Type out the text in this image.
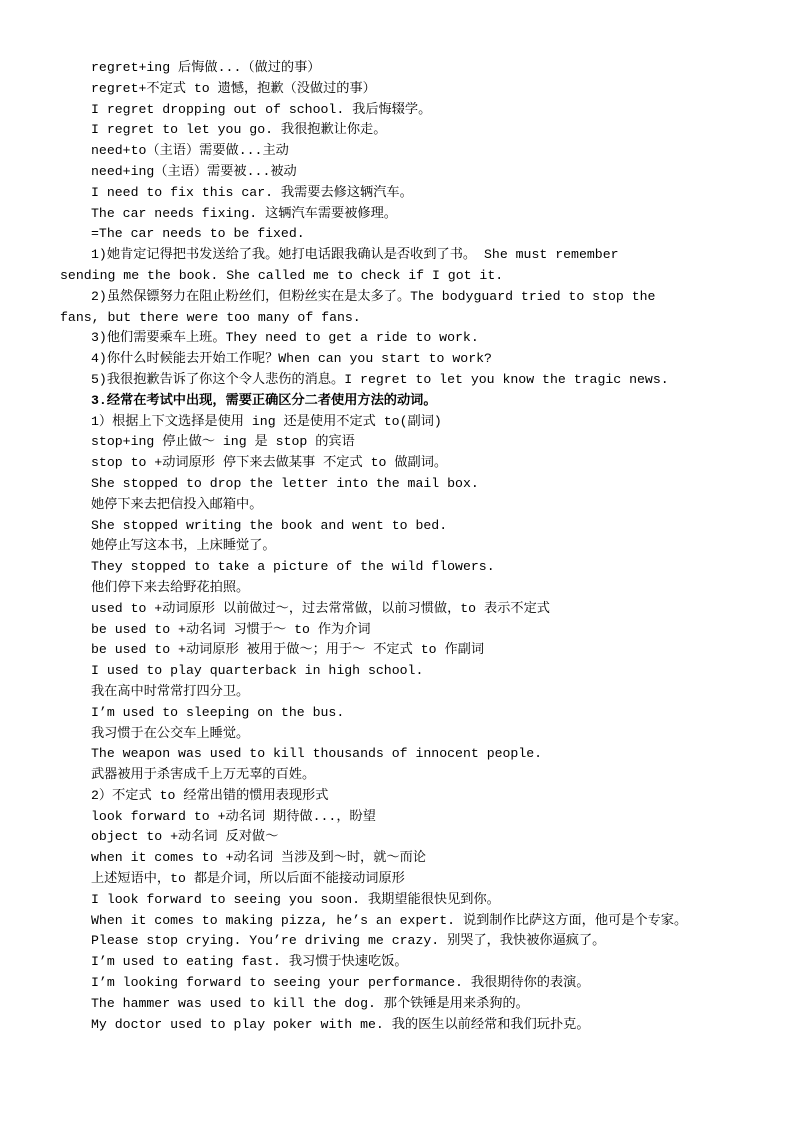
regret+ing 后悔做...（做过的事）
regret+不定式 to 遗憾，抱歉（没做过的事）
I regret dropping out of school. 我后悔辍学。
I regret to let you go. 我很抱歉让你走。
need+to（主语）需要做...主动
need+ing（主语）需要被...被动
I need to fix this car. 我需要去修这辆汽车。
The car needs fixing. 这辆汽车需要被修理。
=The car needs to be fixed.
1)她肯定记得把书发送给了我。她打电话跟我确认是否收到了书。 She must remember
sending me the book. She called me to check if I got it.
2)虽然保镖努力在阻止粉丝们，但粉丝实在是太多了。The bodyguard tried to stop the
fans, but there were too many of fans.
3)他们需要乘车上班。They need to get a ride to work.
4)你什么时候能去开始工作呢？When can you start to work?
5)我很抱歉告诉了你这个令人悲伤的消息。I regret to let you know the tragic news.
3.经常在考试中出现，需要正确区分二者使用方法的动词。
1）根据上下文选择是使用 ing 还是使用不定式 to(副词)
stop+ing 停止做～ ing 是 stop 的宾语
stop to +动词原形 停下来去做某事 不定式 to 做副词。
She stopped to drop the letter into the mail box.
她停下来去把信投入邮箱中。
She stopped writing the book and went to bed.
她停止写这本书，上床睡觉了。
They stopped to take a picture of the wild flowers.
他们停下来去给野花拍照。
used to +动词原形 以前做过～，过去常常做，以前习惯做，to 表示不定式
be used to +动名词 习惯于～ to 作为介词
be used to +动词原形 被用于做～；用于～ 不定式 to 作副词
I used to play quarterback in high school.
我在高中时常常打四分卫。
I’m used to sleeping on the bus.
我习惯于在公交车上睡觉。
The weapon was used to kill thousands of innocent people.
武器被用于杀害成千上万无辜的百姓。
2）不定式 to 经常出错的惯用表现形式
look forward to +动名词 期待做...，盼望
object to +动名词 反对做～
when it comes to +动名词 当涉及到～时，就～而论
上述短语中，to 都是介词，所以后面不能接动词原形
I look forward to seeing you soon. 我期望能很快见到你。
When it comes to making pizza, he’s an expert. 说到制作比萨这方面，他可是个专家。
Please stop crying. You’re driving me crazy. 别哭了，我快被你逼疯了。
I’m used to eating fast. 我习惯于快速吃饭。
I’m looking forward to seeing your performance. 我很期待你的表演。
The hammer was used to kill the dog. 那个铁锤是用来杀狗的。
My doctor used to play poker with me. 我的医生以前经常和我们玩扑克。
